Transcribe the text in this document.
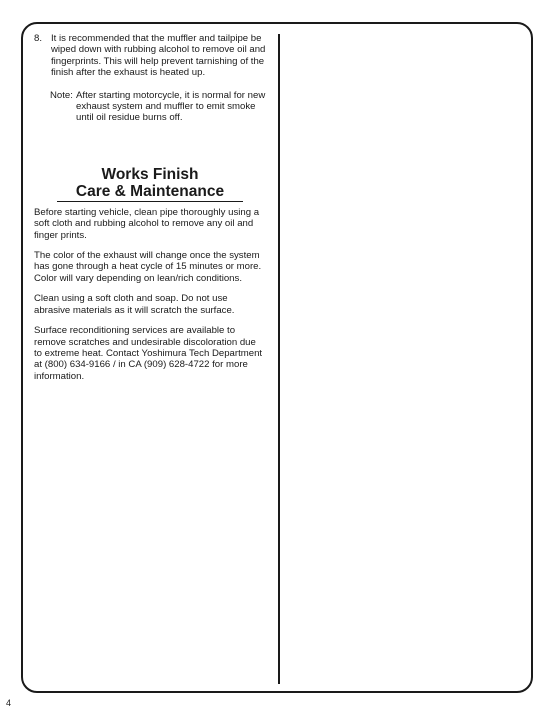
8. It is recommended that the muffler and tailpipe be wiped down with rubbing alcohol to remove oil and fingerprints. This will help prevent tarnishing of the finish after the exhaust is heated up.
Note: After starting motorcycle, it is normal for new exhaust system and muffler to emit smoke until oil residue burns off.
Works Finish
Care & Maintenance

Before starting vehicle, clean pipe thoroughly using a soft cloth and rubbing alcohol to remove any oil and finger prints.

The color of the exhaust will change once the system has gone through a heat cycle of 15 minutes or more. Color will vary depending on lean/rich conditions.

Clean using a soft cloth and soap. Do not use abrasive materials as it will scratch the surface.

Surface reconditioning services are available to remove scratches and undesirable discoloration due to extreme heat. Contact Yoshimura Tech Department at (800) 634-9166 / in CA (909) 628-4722 for more information.

4
